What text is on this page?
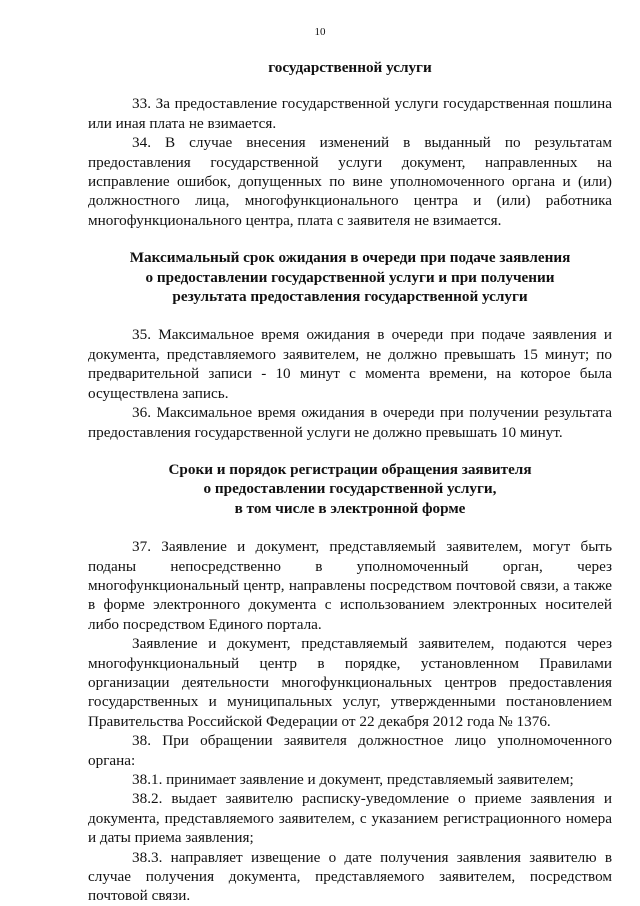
10

государственной услуги

33. За предоставление государственной услуги государственная пошлина или иная плата не взимается.

34. В случае внесения изменений в выданный по результатам предоставления государственной услуги документ, направленных на исправление ошибок, допущенных по вине уполномоченного органа и (или) должностного лица, многофункционального центра и (или) работника многофункционального центра, плата с заявителя не взимается.

Максимальный срок ожидания в очереди при подаче заявления
о предоставлении государственной услуги и при получении
результата предоставления государственной услуги

35. Максимальное время ожидания в очереди при подаче заявления и документа, представляемого заявителем, не должно превышать 15 минут; по предварительной записи - 10 минут с момента времени, на которое была осуществлена запись.

36. Максимальное время ожидания в очереди при получении результата предоставления государственной услуги не должно превышать 10 минут.

Сроки и порядок регистрации обращения заявителя
о предоставлении государственной услуги,
в том числе в электронной форме

37. Заявление и документ, представляемый заявителем, могут быть поданы непосредственно в уполномоченный орган, через многофункциональный центр, направлены посредством почтовой связи, а также в форме электронного документа с использованием электронных носителей либо посредством Единого портала.

Заявление и документ, представляемый заявителем, подаются через многофункциональный центр в порядке, установленном Правилами организации деятельности многофункциональных центров предоставления государственных и муниципальных услуг, утвержденными постановлением Правительства Российской Федерации от 22 декабря 2012 года № 1376.

38. При обращении заявителя должностное лицо уполномоченного органа:

38.1. принимает заявление и документ, представляемый заявителем;

38.2. выдает заявителю расписку-уведомление о приеме заявления и документа, представляемого заявителем, с указанием регистрационного номера и даты приема заявления;

38.3. направляет извещение о дате получения заявления заявителю в случае получения документа, представляемого заявителем, посредством почтовой связи.
